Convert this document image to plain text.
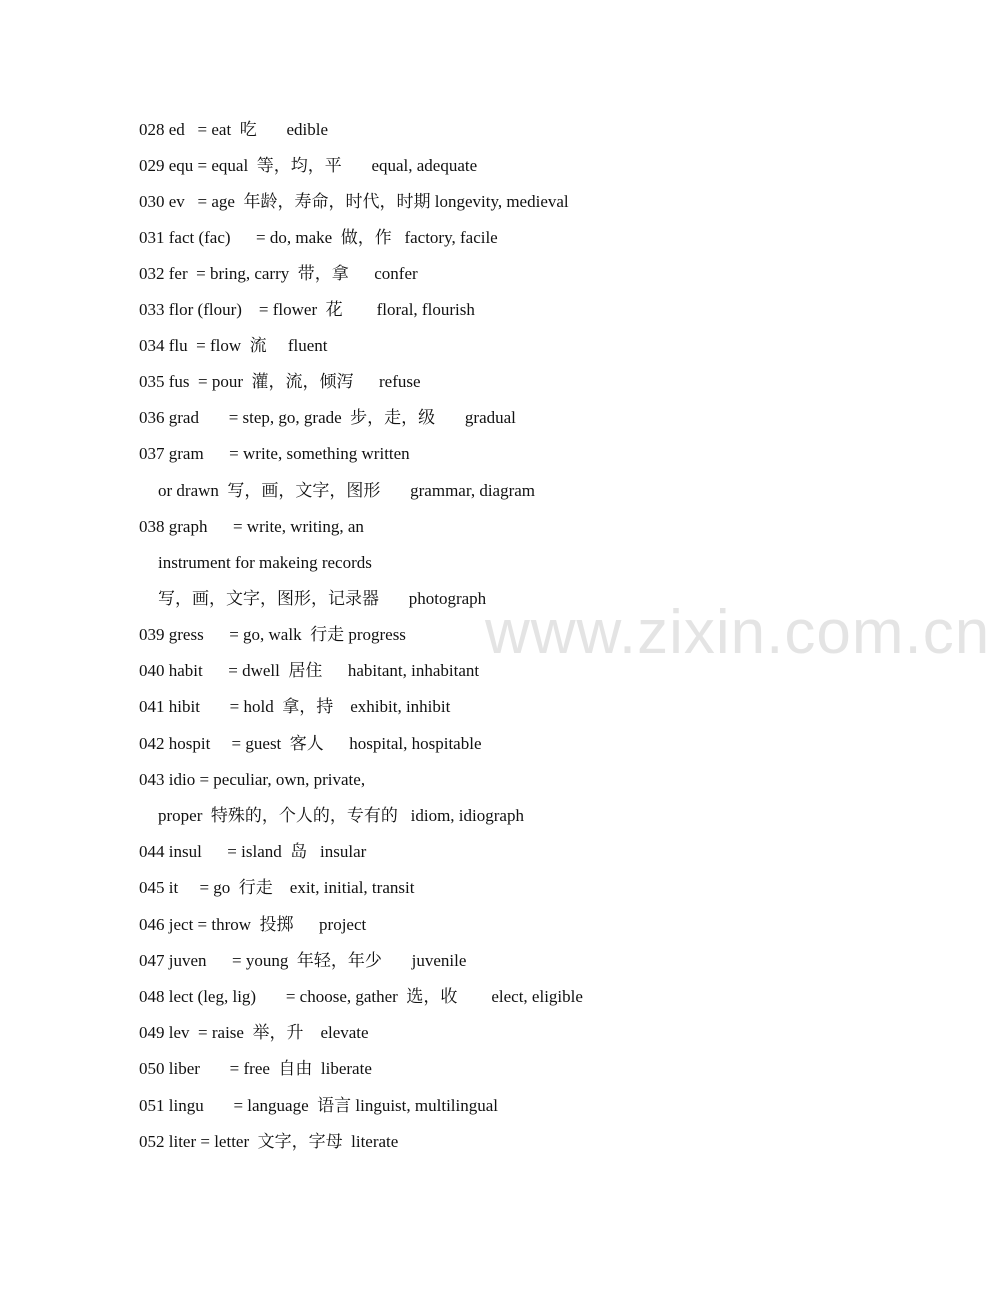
028 ed   = eat  吃       edible
029 equ = equal  等，均，平       equal, adequate
030 ev   = age  年龄，寿命，时代，时期 longevity, medieval
031 fact (fac)      = do, make  做，作   factory, facile
032 fer  = bring, carry  带，拿      confer
033 flor (flour)    = flower  花        floral, flourish
034 flu  = flow  流     fluent
035 fus  = pour  灌，流，倾泻      refuse
036 grad       = step, go, grade  步，走，级       gradual
037 gram      = write, something written
or drawn  写，画，文字，图形       grammar, diagram
038 graph      = write, writing, an
instrument for makeing records
写，画，文字，图形，记录器       photograph
039 gress      = go, walk  行走 progress
040 habit      = dwell  居住      habitant, inhabitant
041 hibit       = hold  拿，持    exhibit, inhibit
042 hospit     = guest  客人      hospital, hospitable
043 idio = peculiar, own, private,
proper  特殊的，个人的，专有的   idiom, idiograph
044 insul      = island  岛   insular
045 it     = go  行走    exit, initial, transit
046 ject = throw  投掷      project
047 juven      = young  年轻，年少       juvenile
048 lect (leg, lig)       = choose, gather  选，收        elect, eligible
049 lev  = raise  举，升    elevate
050 liber       = free  自由  liberate
051 lingu       = language  语言 linguist, multilingual
052 liter = letter  文字，字母  literate
www.zixin.com.cn
